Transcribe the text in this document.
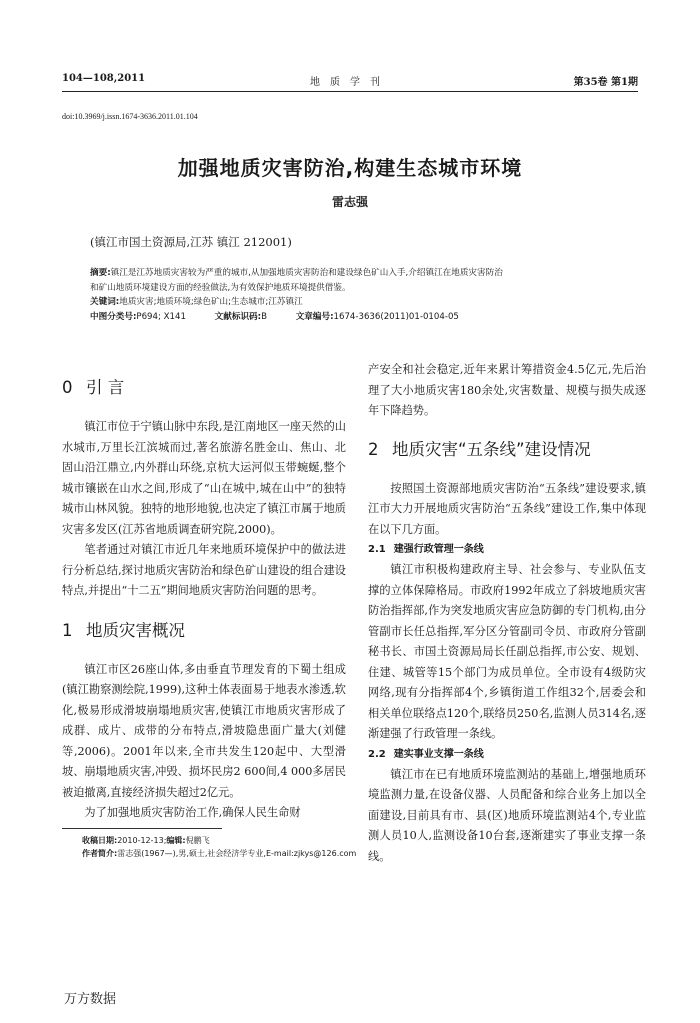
104—108,2011	地质学刊	第35卷 第1期
doi:10.3969/j.issn.1674-3636.2011.01.104
加强地质灾害防治,构建生态城市环境
雷志强
(镇江市国土资源局,江苏 镇江 212001)

摘要:镇江是江苏地质灾害较为严重的城市,从加强地质灾害防治和建设绿色矿山入手,介绍镇江在地质灾害防治

和矿山地质环境建设方面的经验做法,为有效保护地质环境提供借鉴。

关键词:地质灾害;地质环境;绿色矿山;生态城市;江苏镇江

中图分类号:P694; X141	文献标识码:B	文章编号:1674-3636(2011)01-0104-05

0 引 言

镇江市位于宁镇山脉中东段,是江南地区一座天然的山水城市,万里长江滨城而过,著名旅游名胜金山、焦山、北固山沿江鼎立,内外群山环绕,京杭大运河似玉带蜿蜒,整个城市镶嵌在山水之间,形成了“山在城中,城在山中”的独特城市山林风貌。独特的地形地貌,也决定了镇江市属于地质灾害多发区(江苏省地质调查研究院,2000)。

笔者通过对镇江市近几年来地质环境保护中的做法进行分析总结,探讨地质灾害防治和绿色矿山建设的组合建设特点,并提出“十二五”期间地质灾害防治问题的思考。

1 地质灾害概况

镇江市区26座山体,多由垂直节理发育的下蜀土组成(镇江勘察测绘院,1999),这种土体表面易于地表水渗透,软化,极易形成滑坡崩塌地质灾害,使镇江市地质灾害形成了成群、成片、成带的分布特点,滑坡隐患面广量大(刘健等,2006)。2001年以来,全市共发生120起中、大型滑坡、崩塌地质灾害,冲毁、损坏民房2 600间,4 000多居民被迫撤离,直接经济损失超过2亿元。

为了加强地质灾害防治工作,确保人民生命财

产安全和社会稳定,近年来累计筹措资金4.5亿元,先后治理了大小地质灾害180余处,灾害数量、规模与损失成逐年下降趋势。

2 地质灾害“五条线”建设情况

按照国土资源部地质灾害防治“五条线”建设要求,镇江市大力开展地质灾害防治“五条线”建设工作,集中体现在以下几方面。

2.1 建强行政管理一条线

镇江市积极构建政府主导、社会参与、专业队伍支撑的立体保障格局。市政府1992年成立了斜坡地质灾害防治指挥部,作为突发地质灾害应急防御的专门机构,由分管副市长任总指挥,军分区分管副司令员、市政府分管副秘书长、市国土资源局局长任副总指挥,市公安、规划、住建、城管等15个部门为成员单位。全市设有4级防灾网络,现有分指挥部4个,乡镇街道工作组32个,居委会和相关单位联络点120个,联络员250名,监测人员314名,逐渐建强了行政管理一条线。

2.2 建实事业支撑一条线

镇江市在已有地质环境监测站的基础上,增强地质环境监测力量,在设备仪器、人员配备和综合业务上加以全面建设,目前具有市、县(区)地质环境监测站4个,专业监测人员10人,监测设备10台套,逐渐建实了事业支撑一条线。

收稿日期:2010-12-13;编辑:倪鹏飞

作者简介:雷志强(1967—),男,硕士,社会经济学专业,E-mail:zjkys@126.com

万方数据
